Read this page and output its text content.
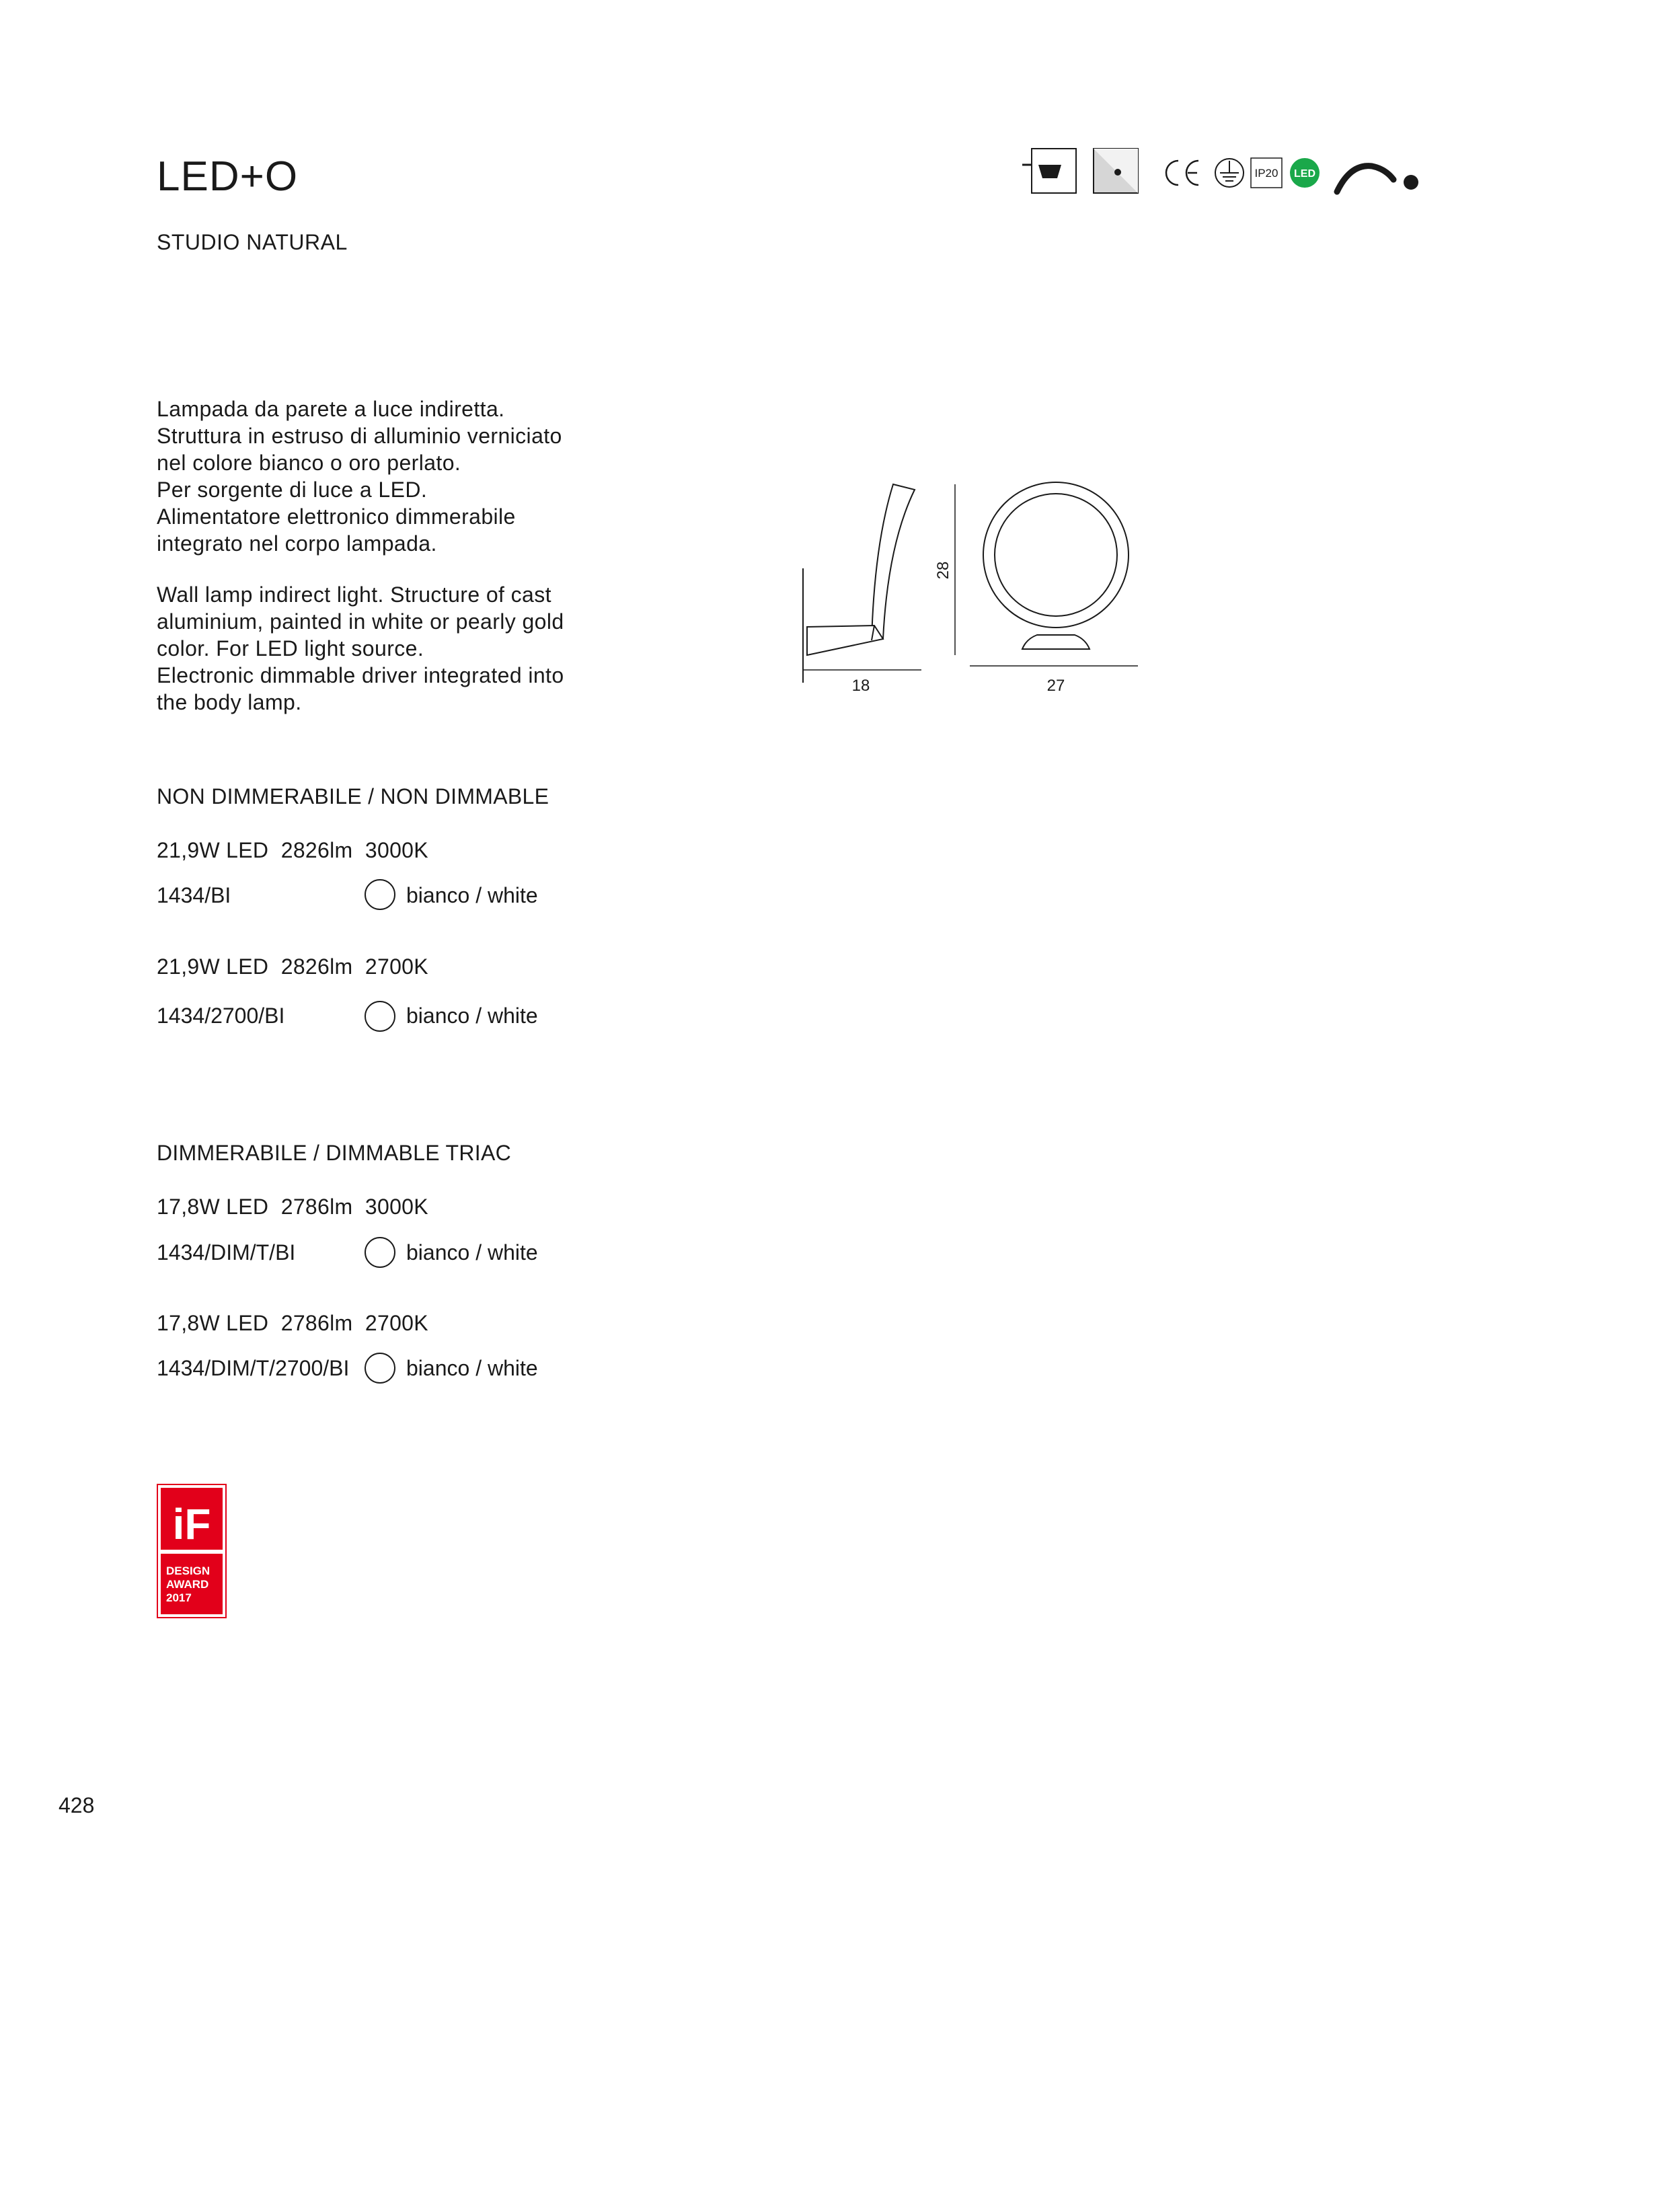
LED+O
STUDIO NATURAL
IP20 LED

Lampada da parete a luce indiretta.

Struttura in estruso di alluminio verniciato

nel colore bianco o oro perlato.

Per sorgente di luce a LED.

Alimentatore elettronico dimmerabile

integrato nel corpo lampada.

Wall lamp indirect light. Structure of cast

aluminium, painted in white or pearly gold

color. For LED light source.

Electronic dimmable driver integrated into

the body lamp.

18
28
27
NON DIMMERABILE / NON DIMMABLE
21,9W LED 2826lm 3000K
1434/BI	bianco / white
21,9W LED 2826lm 2700K
1434/2700/BI	bianco / white
DIMMERABILE / DIMMABLE TRIAC
17,8W LED 2786lm 3000K
1434/DIM/T/BI	bianco / white
17,8W LED 2786lm 2700K
1434/DIM/T/2700/BI	bianco / white
iF
DESIGN
AWARD
2017
428
